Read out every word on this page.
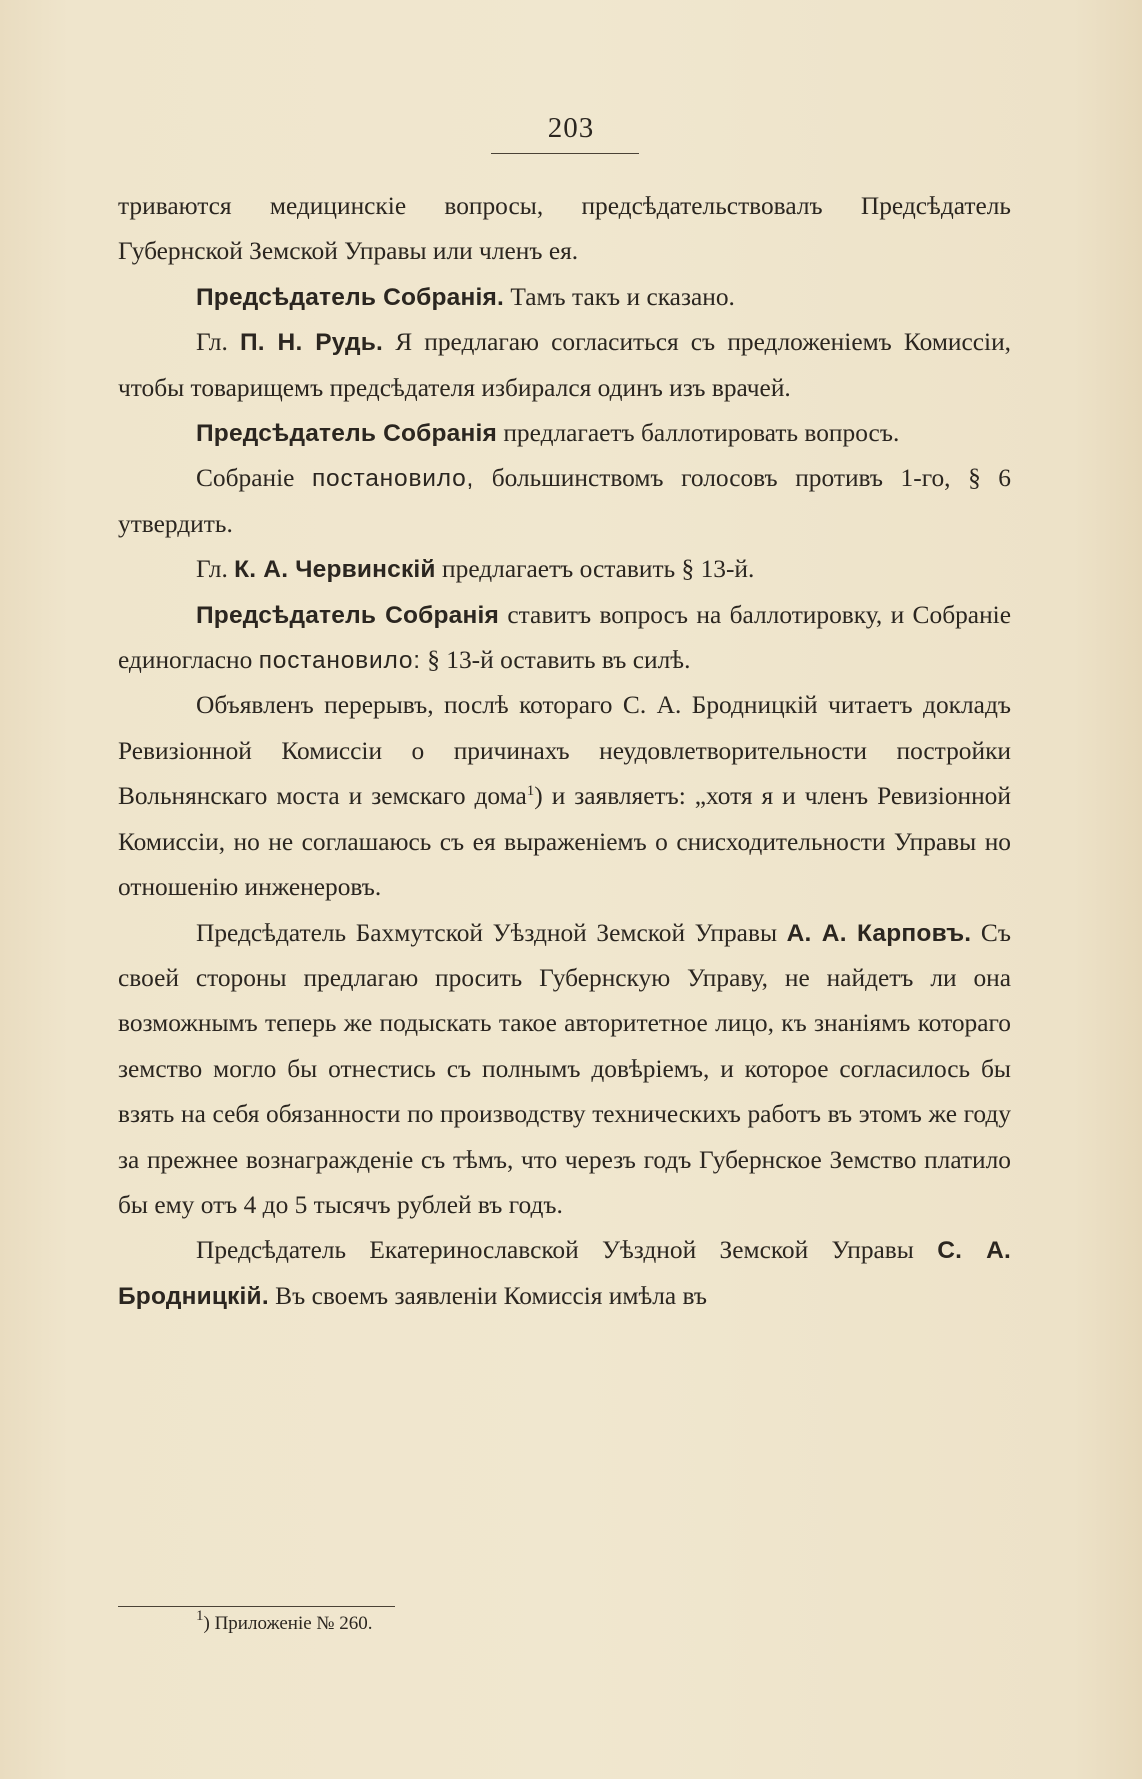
203

триваются медицинскіе вопросы, предсѣдательствовалъ Предсѣдатель Губернской Земской Управы или членъ ея.

Предсѣдатель Собранія. Тамъ такъ и сказано.

Гл. П. Н. Рудь. Я предлагаю согласиться съ предложеніемъ Комиссіи, чтобы товарищемъ предсѣдателя избирался одинъ изъ врачей.

Предсѣдатель Собранія предлагаетъ баллотировать вопросъ.

Собраніе постановило, большинствомъ голосовъ противъ 1-го, § 6 утвердить.

Гл. К. А. Червинскій предлагаетъ оставить § 13-й.

Предсѣдатель Собранія ставитъ вопросъ на баллотировку, и Собраніе единогласно постановило: § 13-й оставить въ силѣ.

Объявленъ перерывъ, послѣ котораго С. А. Бродницкій читаетъ докладъ Ревизіонной Комиссіи о причинахъ неудовлетворительности постройки Вольнянскаго моста и земскаго дома$^1$) и заявляетъ: „хотя я и членъ Ревизіонной Комиссіи, но не соглашаюсь съ ея выраженіемъ о снисходительности Управы но отношенію инженеровъ.

Предсѣдатель Бахмутской Уѣздной Земской Управы А. А. Карповъ. Съ своей стороны предлагаю просить Губернскую Управу, не найдетъ ли она возможнымъ теперь же подыскать такое авторитетное лицо, къ знаніямъ котораго земство могло бы отнестись съ полнымъ довѣріемъ, и которое согласилось бы взять на себя обязанности по производству техническихъ работъ въ этомъ же году за прежнее вознагражденіе съ тѣмъ, что черезъ годъ Губернское Земство платило бы ему отъ 4 до 5 тысячъ рублей въ годъ.

Предсѣдатель Екатеринославской Уѣздной Земской Управы С. А. Бродницкій. Въ своемъ заявленіи Комиссія имѣла въ

$^1$) Приложеніе № 260.
